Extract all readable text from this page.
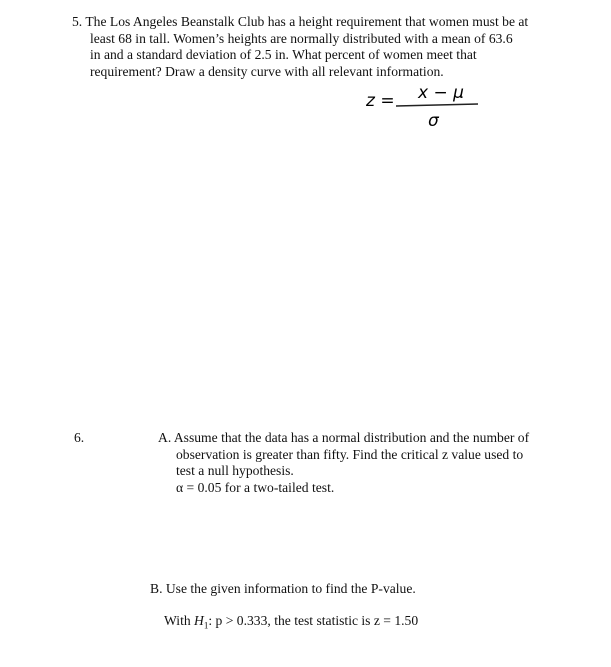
5. The Los Angeles Beanstalk Club has a height requirement that women must be at
least 68 in tall. Women’s heights are normally distributed with a mean of 63.6
in and a standard deviation of 2.5 in. What percent of women meet that
requirement? Draw a density curve with all relevant information.
z = x − μ
σ
6.	A. Assume that the data has a normal distribution and the number of
observation is greater than fifty. Find the critical z value used to
test a null hypothesis.
α = 0.05 for a two-tailed test.
B. Use the given information to find the P-value.
With $H_1$: p > 0.333, the test statistic is z = 1.50
